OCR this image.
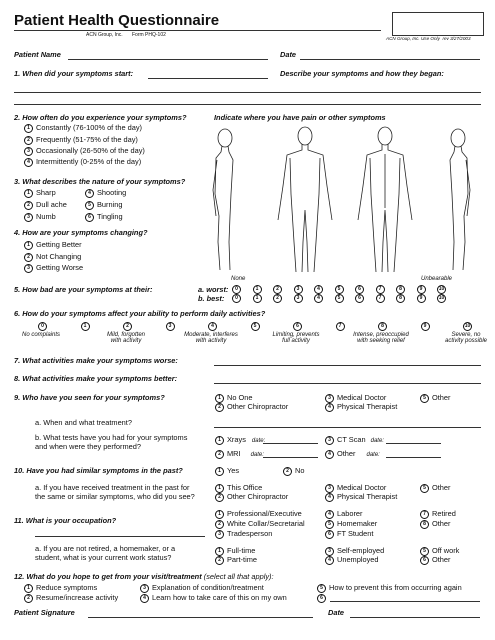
Patient Health Questionnaire
ACN Group, Inc. Form PHQ-102
ACN Group, Inc. Use Only rev 3/27/2003
Patient Name	Date
1. When did your symptoms start:	Describe your symptoms and how they began:
2. How often do you experience your symptoms?	Indicate where you have pain or other symptoms
1 Constantly (76-100% of the day)
2 Frequently (51-75% of the day)
3 Occasionally (26-50% of the day)
4 Intermittently (0-25% of the day)
3. What describes the nature of your symptoms?
1 Sharp
2 Dull ache
3 Numb
4 Shooting
5 Burning
6 Tingling
4. How are your symptoms changing?
1 Getting Better
2 Not Changing
3 Getting Worse
None	Unbearable
5. How bad are your symptoms at their:	a. worst:
b. best:
0	1	2	3	4	5	6	7	8	9	10
0	1	2	3	4	5	6	7	8	9	10
6. How do your symptoms affect your ability to perform daily activities?
0	1	2	3	4	5	6	7	8	9	10
No complaints	Mild, forgotten
with activity
Moderate, interferes
with activity
Limiting, prevents
full activity
Intense, preoccupied
with seeking relief
Severe, no
activity possible
7. What activities make your symptoms worse:
8. What activities make your symptoms better:
9. Who have you seen for your symptoms?	1 No One
2 Other Chiropractor
3 Medical Doctor
4 Physical Therapist
5 Other
a. When and what treatment?
b. What tests have you had for your symptoms
and when were they performed?
1 Xrays date:
2 MRI date:
3 CT Scan date:
4 Other date:
10. Have you had similar symptoms in the past?	1 Yes	2 No
a. If you have received treatment in the past for
the same or similar symptoms, who did you see?
1 This Office
2 Other Chiropractor
3 Medical Doctor
4 Physical Therapist
5 Other
11. What is your occupation?
1 Professional/Executive
2 White Collar/Secretarial
3 Tradesperson
4 Laborer
5 Homemaker
6 FT Student
7 Retired
8 Other
a. If you are not retired, a homemaker, or a
student, what is your current work status?
1 Full-time
2 Part-time
3 Self-employed
4 Unemployed
5 Off work
6 Other
12. What do you hope to get from your visit/treatment (select all that apply):
1 Reduce symptoms
2 Resume/increase activity
3 Explanation of condition/treatment
4 Learn how to take care of this on my own
5 How to prevent this from occurring again
6
Patient Signature	Date
